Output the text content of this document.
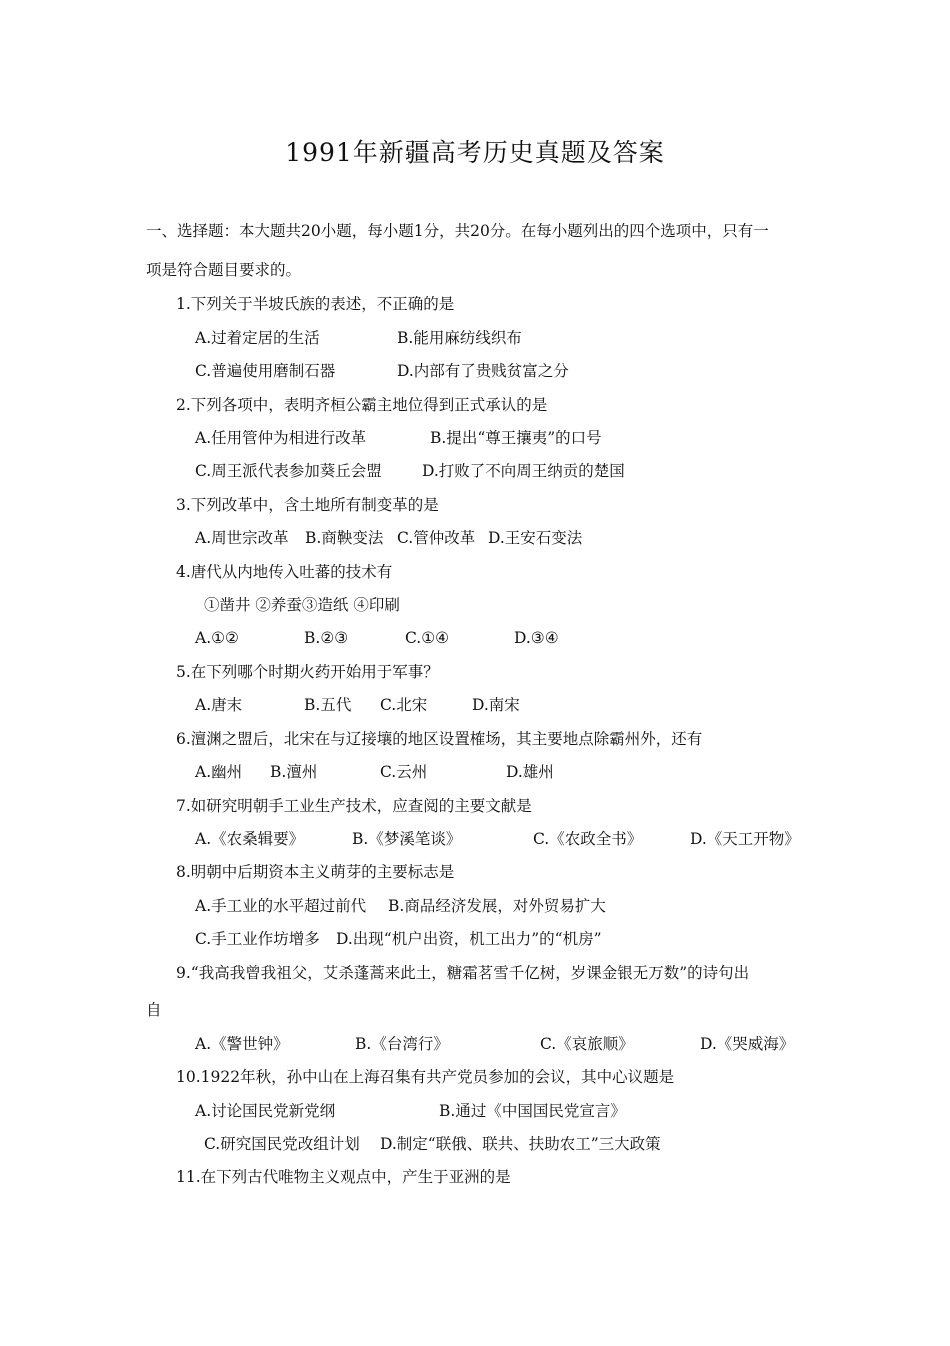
1991年新疆高考历史真题及答案
一、选择题：本大题共20小题，每小题1分，共20分。在每小题列出的四个选项中，只有一
项是符合题目要求的。
1.下列关于半坡氏族的表述，不正确的是
A.过着定居的生活	B.能用麻纺线织布
C.普遍使用磨制石器	D.内部有了贵贱贫富之分
2.下列各项中，表明齐桓公霸主地位得到正式承认的是
A.任用管仲为相进行改革	B.提出“尊王攘夷”的口号
C.周王派代表参加葵丘会盟	D.打败了不向周王纳贡的楚国
3.下列改革中，含土地所有制变革的是
A.周世宗改革 B.商鞅变法 C.管仲改革 D.王安石变法
4.唐代从内地传入吐蕃的技术有
①凿井 ②养蚕③造纸 ④印刷
A.①②	B.②③	C.①④	D.③④
5.在下列哪个时期火药开始用于军事？
A.唐末	B.五代 C.北宋	D.南宋
6.澶渊之盟后，北宋在与辽接壤的地区设置榷场，其主要地点除霸州外，还有
A.幽州 B.澶州	C.云州	D.雄州
7.如研究明朝手工业生产技术，应查阅的主要文献是
A.《农桑辑要》	B.《梦溪笔谈》	C.《农政全书》	D.《天工开物》
8.明朝中后期资本主义萌芽的主要标志是
A.手工业的水平超过前代 B.商品经济发展，对外贸易扩大
C.手工业作坊增多 D.出现“机户出资，机工出力”的“机房”
9.“我高我曾我祖父，艾杀蓬蒿来此土，糖霜茗雪千亿树，岁课金银无万数”的诗句出
自
A.《警世钟》	B.《台湾行》	C.《哀旅顺》	D.《哭威海》
10.1922年秋，孙中山在上海召集有共产党员参加的会议，其中心议题是
A.讨论国民党新党纲	B.通过《中国国民党宣言》
C.研究国民党改组计划 D.制定“联俄、联共、扶助农工”三大政策
11.在下列古代唯物主义观点中，产生于亚洲的是
